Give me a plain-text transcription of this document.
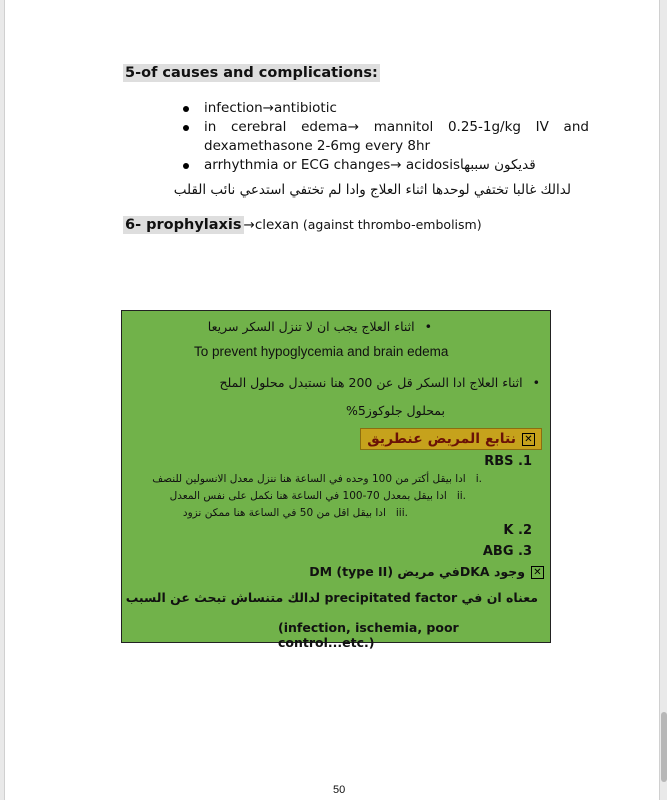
5-of causes and complications:
infection→antibiotic
in cerebral edema→ mannitol 0.25-1g/kg IV and
dexamethasone 2-6mg every 8hr
arrhythmia or ECG changes→ acidosisقديكون سببها
لدالك غالبا تختفي لوحدها اثناء العلاج وادا لم تختفي استدعي نائب القلب
6- prophylaxis →clexan (against thrombo-embolism)
•اثناء العلاج يجب ان لا تنزل السكر سريعا
To prevent hypoglycemia and brain edema
•اثناء العلاج ادا السكر قل عن 200 هنا نستبدل محلول الملح
بمحلول جلوكوز5%
✕نتابع المريض عنطريق
RBS .1
.iادا بيقل أكتر من 100 وحده في الساعة هنا ننزل معدل الانسولين للنصف
.iiادا بيقل بمعدل 70-100 في الساعة هنا نكمل على نفس المعدل
.iiiادا بيقل اقل من 50 في الساعة هنا ممكن نزود
K .2
ABG .3
✕وجود DKAفي مريض DM (type II)
معناه ان في precipitated factor لدالك متنساش تبحث عن السبب
(infection, ischemia, poor control...etc.)
50
